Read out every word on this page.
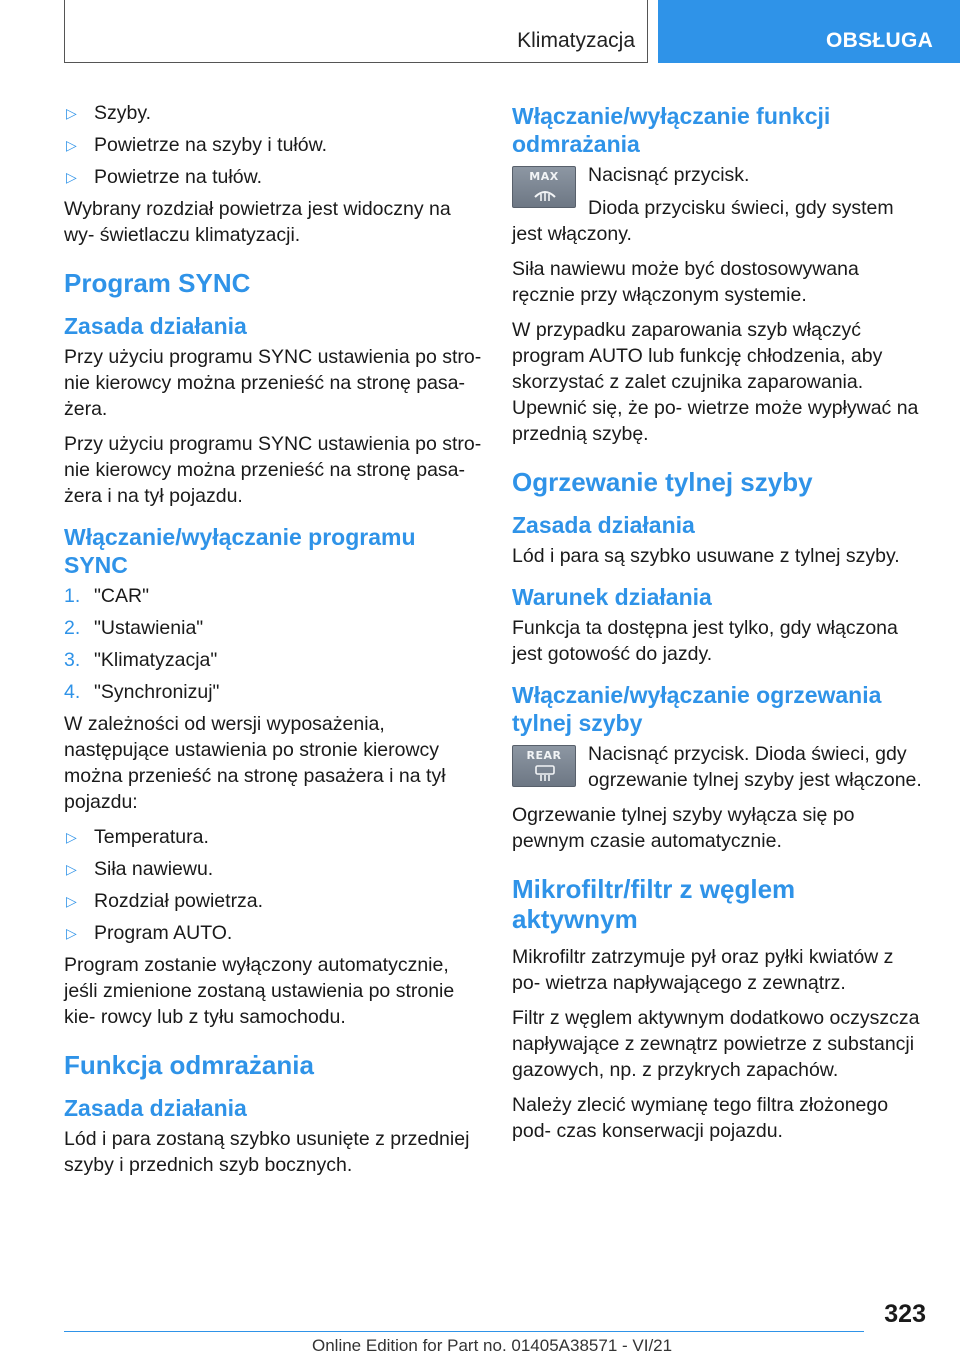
Klimatyzacja	OBSŁUGA
▷ Szyby.
▷ Powietrze na szyby i tułów.
▷ Powietrze na tułów.

Wybrany rozdział powietrza jest widoczny na wy- świetlaczu klimatyzacji.

Program SYNC
Zasada działania

Przy użyciu programu SYNC ustawienia po stro- nie kierowcy można przenieść na stronę pasa- żera.

Przy użyciu programu SYNC ustawienia po stro- nie kierowcy można przenieść na stronę pasa- żera i na tył pojazdu.

Włączanie/wyłączanie programu SYNC
1. "CAR"
2. "Ustawienia"
3. "Klimatyzacja"
4. "Synchronizuj"

W zależności od wersji wyposażenia, następujące ustawienia po stronie kierowcy można przenieść na stronę pasażera i na tył pojazdu:

▷ Temperatura.
▷ Siła nawiewu.
▷ Rozdział powietrza.
▷ Program AUTO.

Program zostanie wyłączony automatycznie, jeśli zmienione zostaną ustawienia po stronie kie- rowcy lub z tyłu samochodu.

Funkcja odmrażania
Zasada działania

Lód i para zostaną szybko usunięte z przedniej szyby i przednich szyb bocznych.

Włączanie/wyłączanie funkcji odmrażania
MAX	Nacisnąć przycisk.

Dioda przycisku świeci, gdy system jest włączony.

Siła nawiewu może być dostosowywana ręcznie przy włączonym systemie.

W przypadku zaparowania szyb włączyć program AUTO lub funkcję chłodzenia, aby skorzystać z zalet czujnika zaparowania. Upewnić się, że po- wietrze może wypływać na przednią szybę.

Ogrzewanie tylnej szyby
Zasada działania

Lód i para są szybko usuwane z tylnej szyby.

Warunek działania

Funkcja ta dostępna jest tylko, gdy włączona jest gotowość do jazdy.

Włączanie/wyłączanie ogrzewania tylnej szyby
REAR	Nacisnąć przycisk. Dioda świeci, gdy ogrzewanie tylnej szyby jest włączone.

Ogrzewanie tylnej szyby wyłącza się po pewnym czasie automatycznie.

Mikrofiltr/filtr z węglem aktywnym

Mikrofiltr zatrzymuje pył oraz pyłki kwiatów z po- wietrza napływającego z zewnątrz.

Filtr z węglem aktywnym dodatkowo oczyszcza napływające z zewnątrz powietrze z substancji gazowych, np. z przykrych zapachów.

Należy zlecić wymianę tego filtra złożonego pod- czas konserwacji pojazdu.

323
Online Edition for Part no. 01405A38571 - VI/21
